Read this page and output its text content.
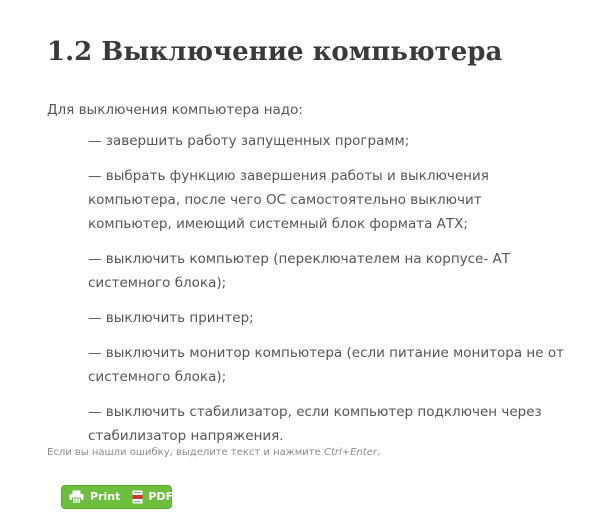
1.2 Выключение компьютера

Для выключения компьютера надо:

— завершить работу запущенных программ;
— выбрать функцию завершения работы и выключения компьютера, после чего ОС самостоятельно выключит компьютер, имеющий системный блок формата АТХ;
— выключить компьютер (переключателем на корпусе- АТ системного блока);
— выключить принтер;
— выключить монитор компьютера (если питание монитора не от системного блока);
— выключить стабилизатор, если компьютер подключен через стабилизатор напряжения.

Если вы нашли ошибку, выделите текст и нажмите Ctrl+Enter.

Print	PDF
